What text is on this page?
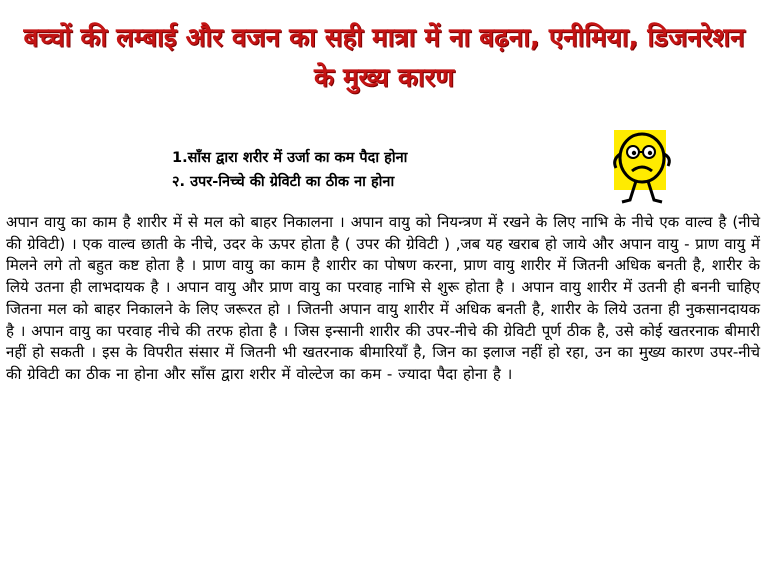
बच्चों की लम्बाई और वजन का सही मात्रा में ना बढ़ना, एनीमिया, डिजनरेशन के मुख्य कारण
1.साँस द्वारा शरीर में उर्जा का कम पैदा होना
२. उपर-निच्चे की ग्रेविटी का ठीक ना होना

अपान वायु का काम है शारीर में से मल को बाहर निकालना । अपान वायु को नियन्त्रण में रखने के लिए नाभि के नीचे एक वाल्व है (नीचे की ग्रेविटी) । एक वाल्व छाती के नीचे, उदर के ऊपर होता है ( उपर की ग्रेविटी ) ,जब यह खराब हो जाये और अपान वायु - प्राण वायु में मिलने लगे तो बहुत कष्ट होता है । प्राण वायु का काम है शारीर का पोषण करना, प्राण वायु शारीर में जितनी अधिक बनती है, शारीर के लिये उतना ही लाभदायक है । अपान वायु और प्राण वायु का परवाह नाभि से शुरू होता है । अपान वायु शारीर में उतनी ही बननी चाहिए जितना मल को बाहर निकालने के लिए जरूरत हो । जितनी अपान वायु शारीर में अधिक बनती है, शारीर के लिये उतना ही नुकसानदायक है । अपान वायु का परवाह नीचे की तरफ होता है । जिस इन्सानी शारीर की उपर-नीचे की ग्रेविटी पूर्ण ठीक है, उसे कोई खतरनाक बीमारी नहीं हो सकती । इस के विपरीत संसार में जितनी भी खतरनाक बीमारियाँ है, जिन का इलाज नहीं हो रहा, उन का मुख्य कारण उपर-नीचे की ग्रेविटी का ठीक ना होना और साँस द्वारा शरीर में वोल्टेज का कम - ज्यादा पैदा होना है ।
